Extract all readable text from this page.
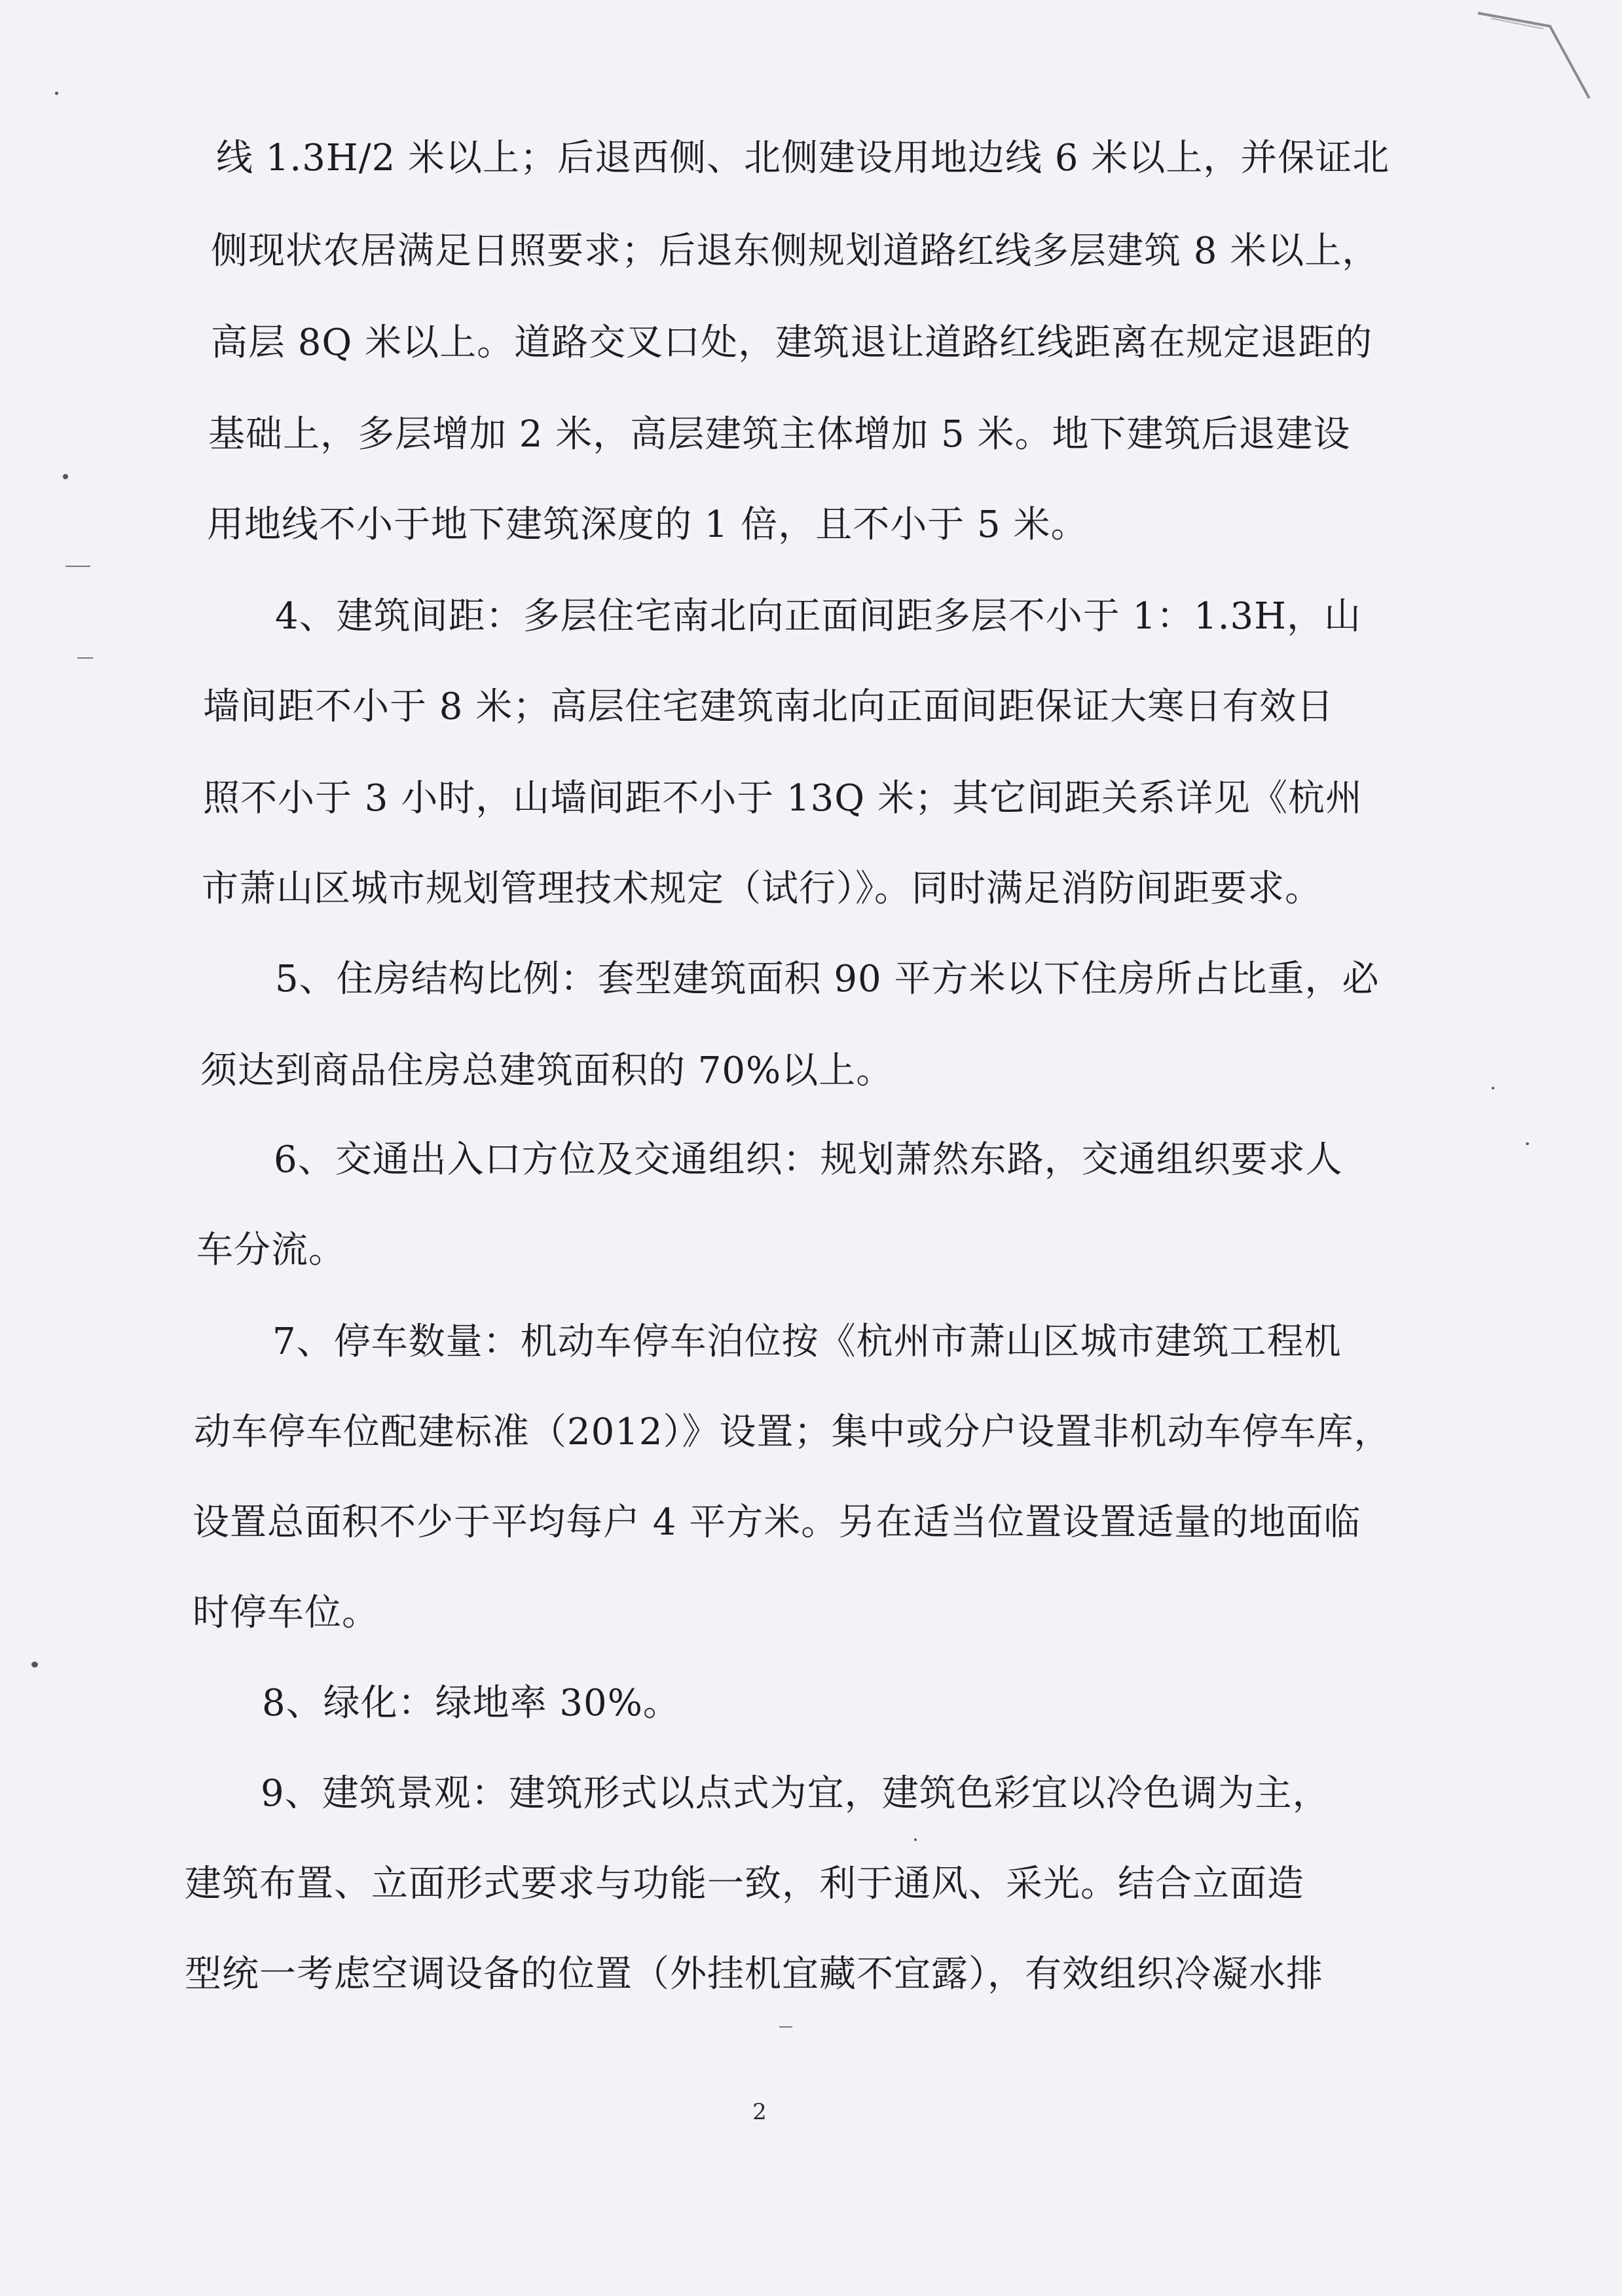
线 1.3H/2 米以上；后退西侧、北侧建设用地边线 6 米以上，并保证北
侧现状农居满足日照要求；后退东侧规划道路红线多层建筑 8 米以上，
高层 8Q 米以上。道路交叉口处，建筑退让道路红线距离在规定退距的
基础上，多层增加 2 米，高层建筑主体增加 5 米。地下建筑后退建设
用地线不小于地下建筑深度的 1 倍，且不小于 5 米。
4、建筑间距：多层住宅南北向正面间距多层不小于 1：1.3H，山
墙间距不小于 8 米；高层住宅建筑南北向正面间距保证大寒日有效日
照不小于 3 小时，山墙间距不小于 13Q 米；其它间距关系详见《杭州
市萧山区城市规划管理技术规定（试行）》。同时满足消防间距要求。
5、住房结构比例：套型建筑面积 90 平方米以下住房所占比重，必
须达到商品住房总建筑面积的 70%以上。
6、交通出入口方位及交通组织：规划萧然东路，交通组织要求人
车分流。
7、停车数量：机动车停车泊位按《杭州市萧山区城市建筑工程机
动车停车位配建标准（2012）》设置；集中或分户设置非机动车停车库，
设置总面积不少于平均每户 4 平方米。另在适当位置设置适量的地面临
时停车位。
8、绿化：绿地率 30%。
9、建筑景观：建筑形式以点式为宜，建筑色彩宜以冷色调为主，
建筑布置、立面形式要求与功能一致，利于通风、采光。结合立面造
型统一考虑空调设备的位置（外挂机宜藏不宜露），有效组织冷凝水排
2
